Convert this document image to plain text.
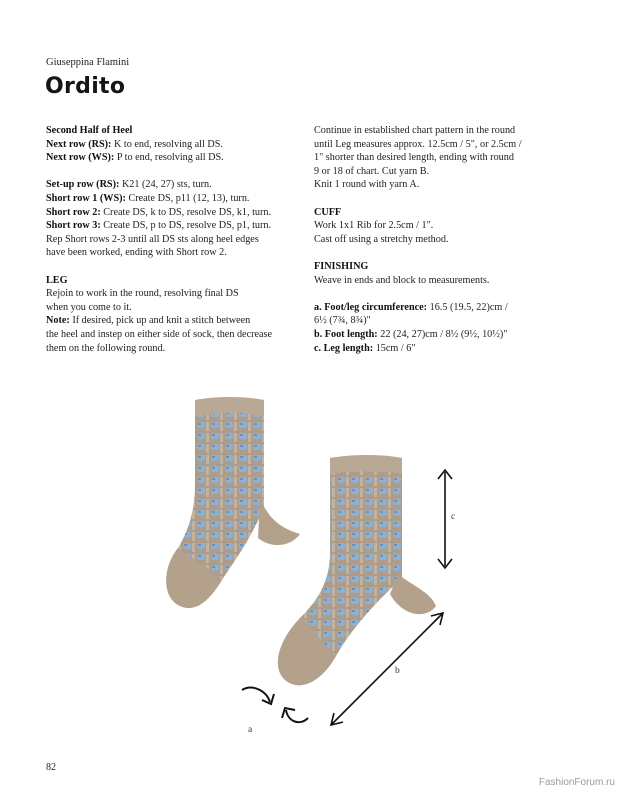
Giuseppina Flamini
Ordito

Second Half of Heel

Next row (RS): K to end, resolving all DS.

Next row (WS): P to end, resolving all DS.

Set-up row (RS): K21 (24, 27) sts, turn.

Short row 1 (WS): Create DS, p11 (12, 13), turn.

Short row 2: Create DS, k to DS, resolve DS, k1, turn.

Short row 3: Create DS, p to DS, resolve DS, p1, turn.

Rep Short rows 2-3 until all DS sts along heel edges

have been worked, ending with Short row 2.

LEG

Rejoin to work in the round, resolving final DS

when you come to it.

Note: If desired, pick up and knit a stitch between

the heel and instep on either side of sock, then decrease

them on the following round.

Continue in established chart pattern in the round

until Leg measures approx. 12.5cm / 5", or 2.5cm /

1" shorter than desired length, ending with round

9 or 18 of chart. Cut yarn B.

Knit 1 round with yarn A.

CUFF

Work 1x1 Rib for 2.5cm / 1".

Cast off using a stretchy method.

FINISHING

Weave in ends and block to measurements.

a. Foot/leg circumference: 16.5 (19.5, 22)cm /

6½ (7¾, 8¾)"

b. Foot length: 22 (24, 27)cm / 8½ (9½, 10½)"

c. Leg length: 15cm / 6"

c
b
a
82
FashionForum.ru
